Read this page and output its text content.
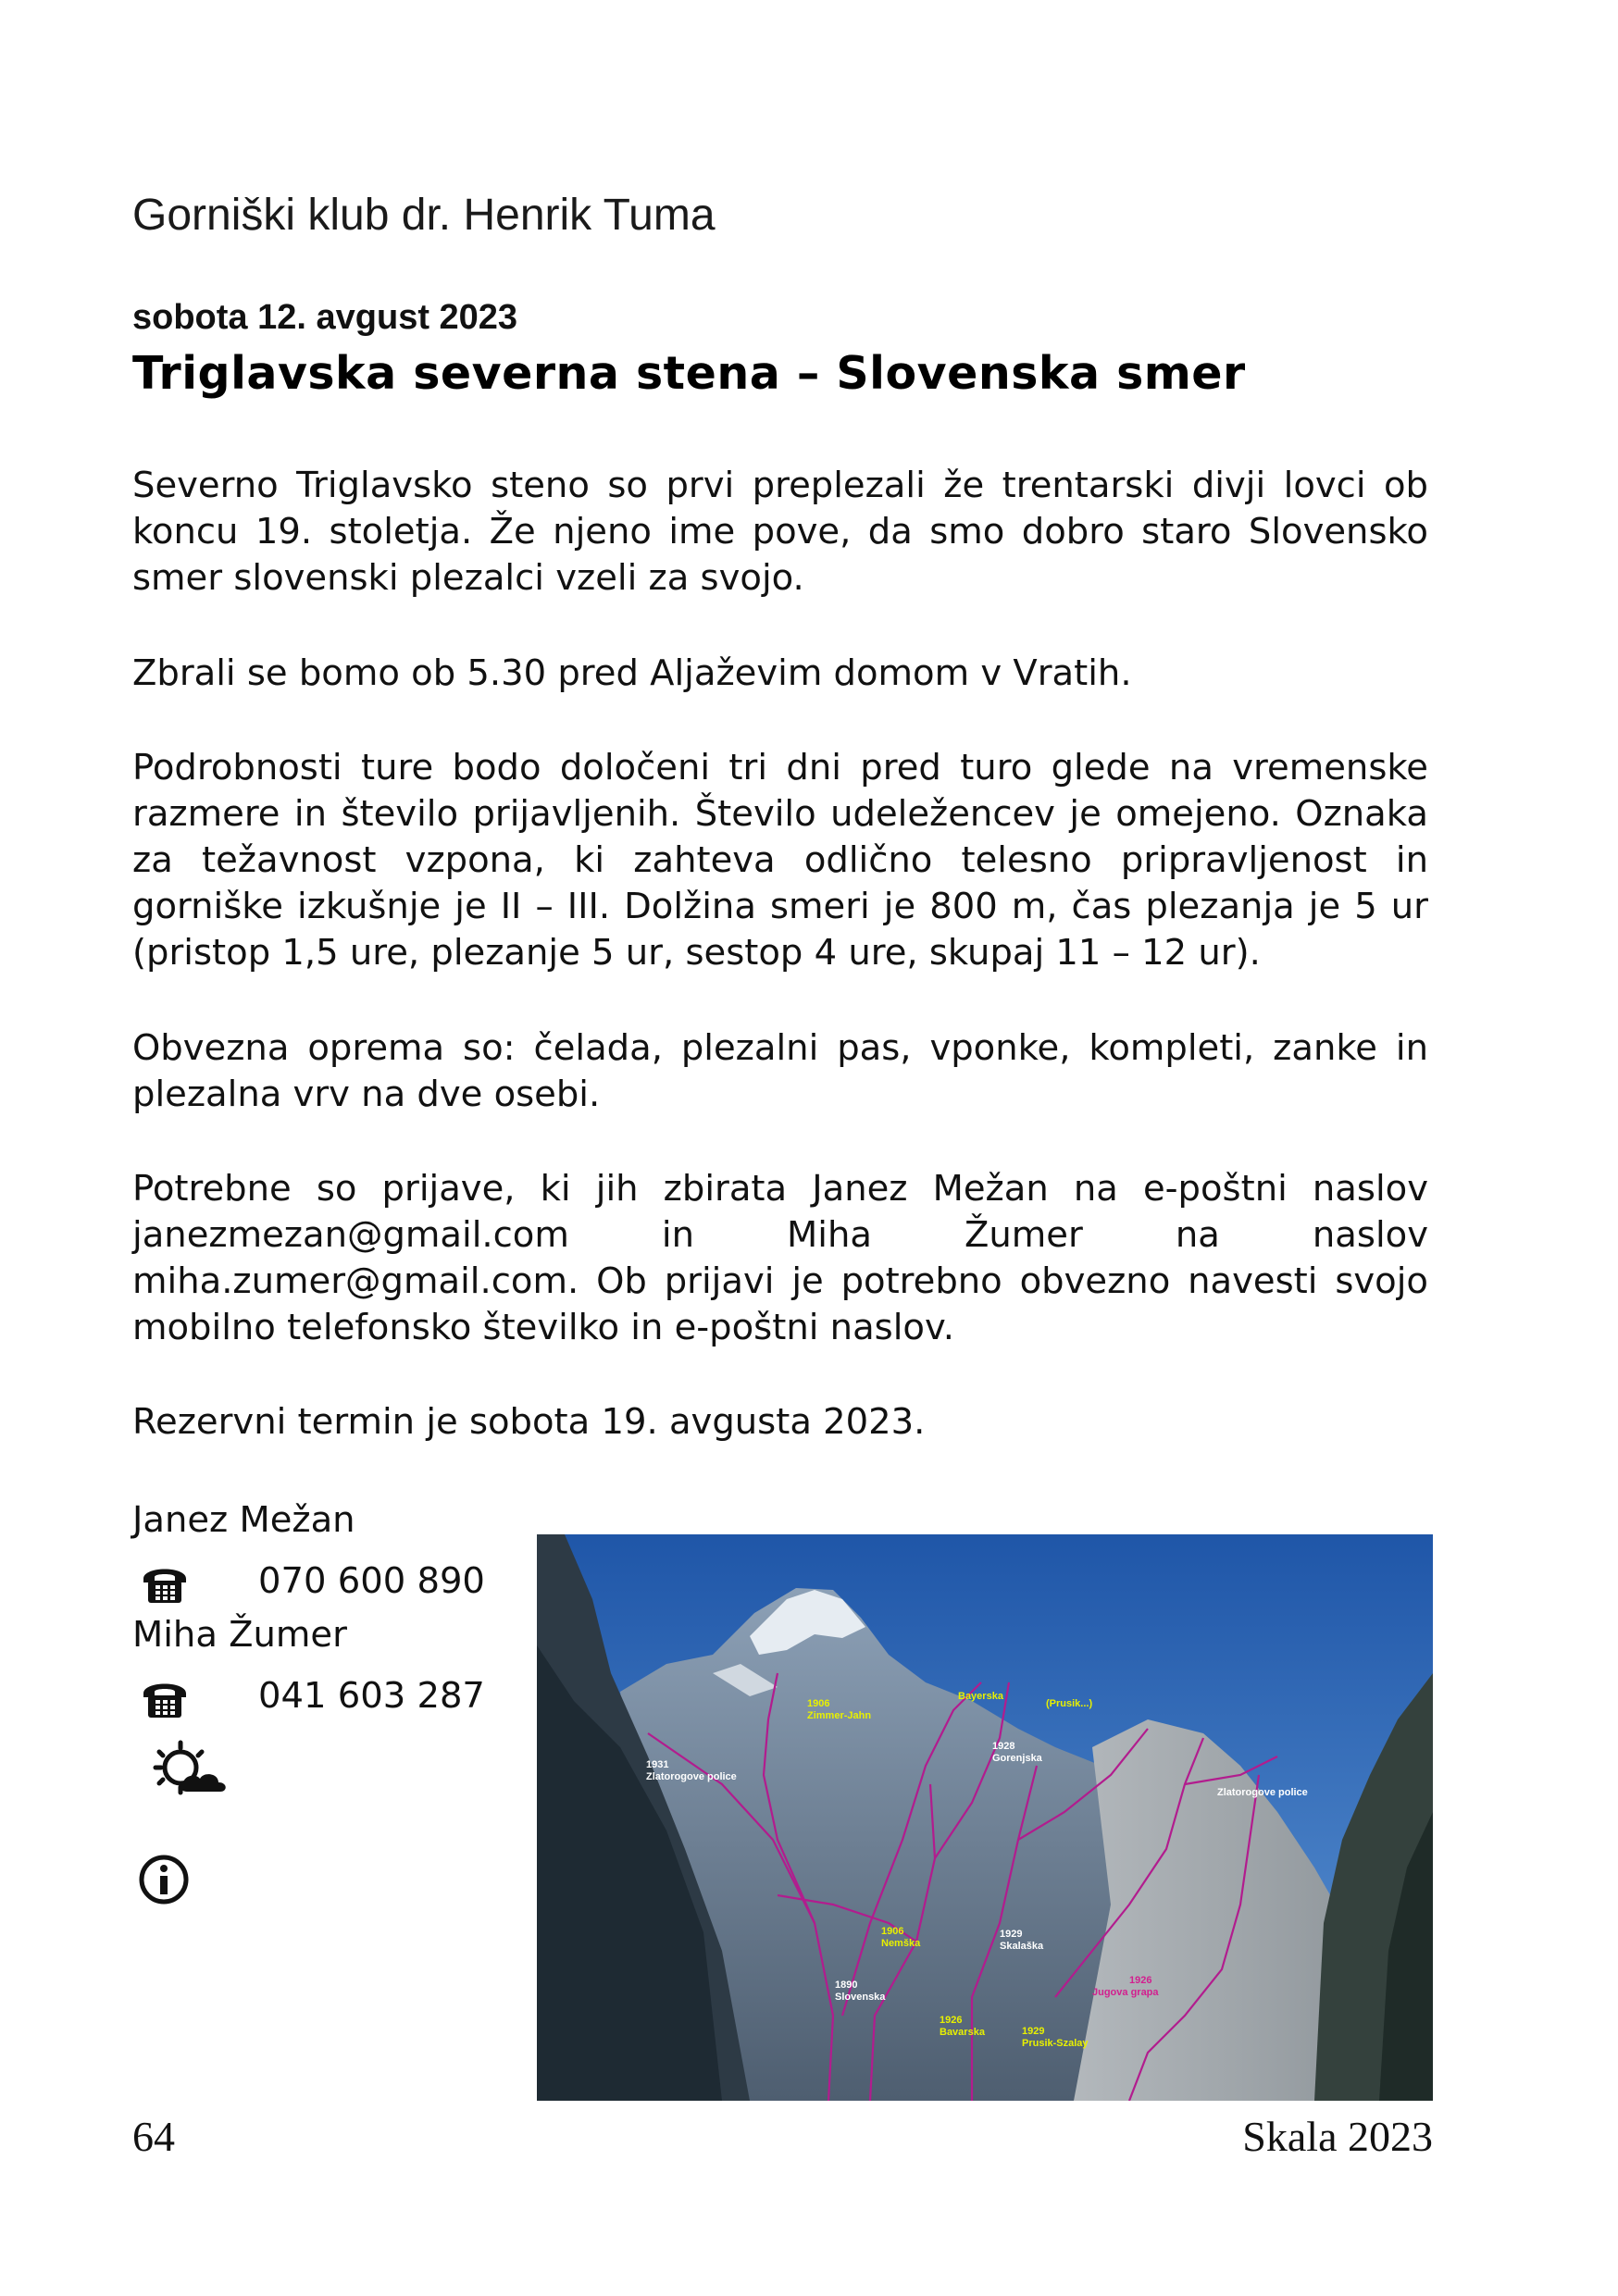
Gorniški klub dr. Henrik Tuma
sobota 12. avgust 2023
Triglavska severna stena – Slovenska smer

Severno Triglavsko steno so prvi preplezali že trentarski divji lovci ob koncu 19. stoletja. Že njeno ime pove, da smo dobro staro Slovensko smer slovenski plezalci vzeli za svojo.

Zbrali se bomo ob 5.30 pred Aljaževim domom v Vratih.

Podrobnosti ture bodo določeni tri dni pred turo glede na vremenske razmere in število prijavljenih. Število udeležencev je omejeno. Oznaka za težavnost vzpona, ki zahteva odlično telesno pripravljenost in gorniške izkušnje je II – III. Dolžina smeri je 800 m, čas plezanja je 5 ur (pristop 1,5 ure, plezanje 5 ur, sestop 4 ure, skupaj 11 – 12 ur).

Obvezna oprema so: čelada, plezalni pas, vponke, kompleti, zanke in plezalna vrv na dve osebi.

Potrebne so prijave, ki jih zbirata Janez Mežan na e-poštni naslov janezmezan@gmail.com in Miha Žumer na naslov miha.zumer@gmail.com. Ob prijavi je potrebno obvezno navesti svojo mobilno telefonsko številko in e-poštni naslov.

Rezervni termin je sobota 19. avgusta 2023.

Janez Mežan
070 600 890
Miha Žumer
041 603 287
1931
Zlatorogove police
1906
Zimmer-Jahn
Bayerska
(Prusik...)
1928
Gorenjska
Zlatorogove police
1906
Nemška
1929
Skalaška
1890
Slovenska
1926
Bavarska	1929
Prusik-Szalay
1926
Jugova grapa
64	Skala 2023
